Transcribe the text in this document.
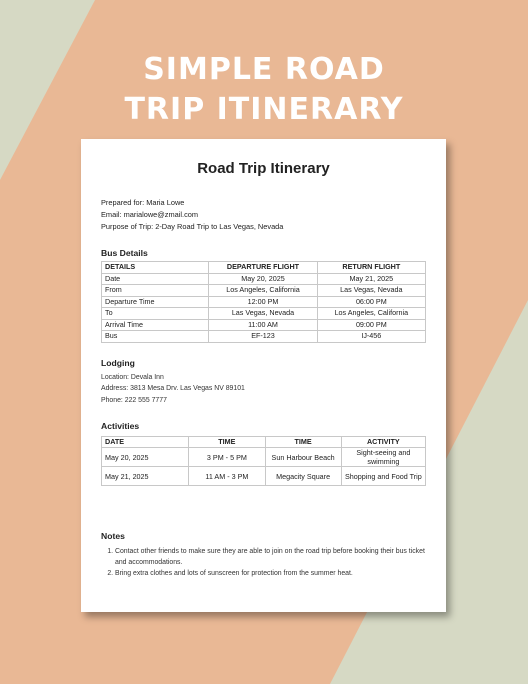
SIMPLE ROAD
TRIP ITINERARY
Road Trip Itinerary
Prepared for: Maria Lowe
Email: marialowe@zmail.com
Purpose of Trip: 2-Day Road Trip to Las Vegas, Nevada
Bus Details
DETAILS	DEPARTURE FLIGHT	RETURN FLIGHT
Date	May 20, 2025	May 21, 2025
From	Los Angeles, California	Las Vegas, Nevada
Departure Time	12:00 PM	06:00 PM
To	Las Vegas, Nevada	Los Angeles, California
Arrival Time	11:00 AM	09:00 PM
Bus	EF-123	IJ-456
Lodging
Location: Devala Inn
Address: 3813 Mesa Drv. Las Vegas NV 89101
Phone: 222 555 7777
Activities
DATE	TIME	TIME	ACTIVITY
May 20, 2025	3 PM - 5 PM	Sun Harbour Beach	Sight-seeing and swimming
May 21, 2025	11 AM - 3 PM	Megacity Square	Shopping and Food Trip
Notes
1. Contact other friends to make sure they are able to join on the road trip before booking their bus ticket and accommodations.
2. Bring extra clothes and lots of sunscreen for protection from the summer heat.
